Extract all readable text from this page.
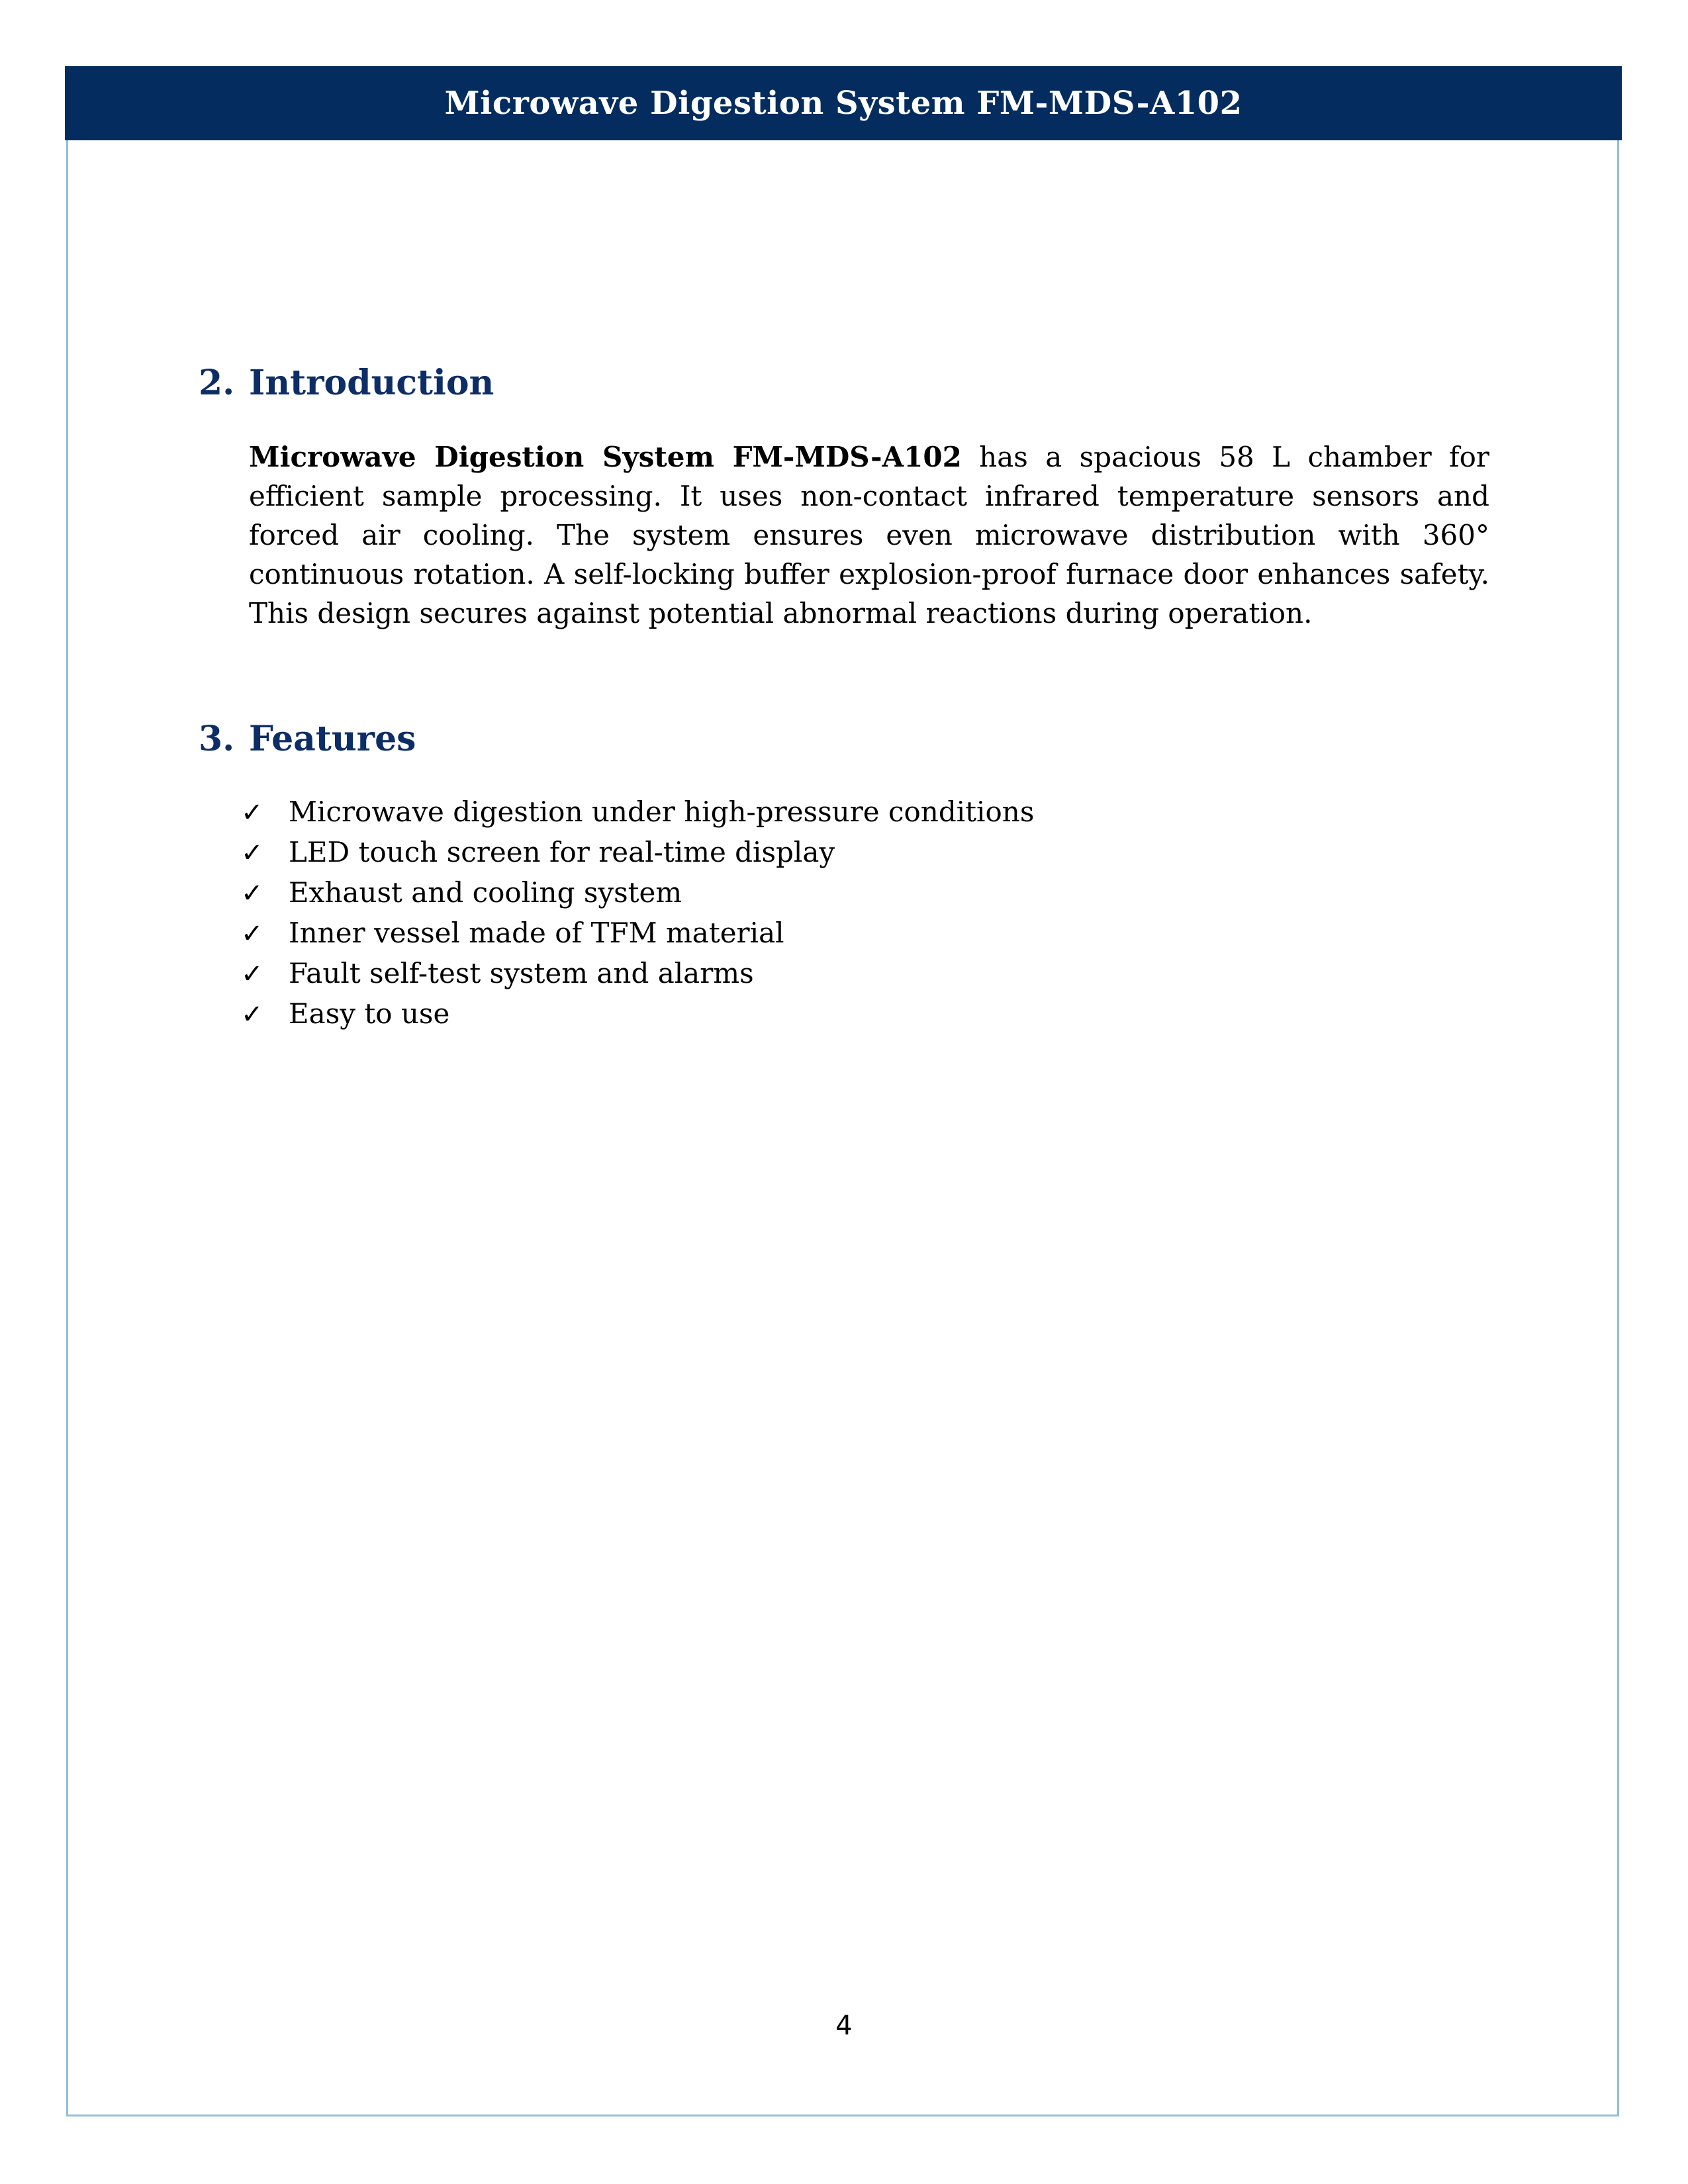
Microwave Digestion System FM-MDS-A102
2. Introduction

Microwave Digestion System FM-MDS-A102 has a spacious 58 L chamber for efficient sample processing. It uses non-contact infrared temperature sensors and forced air cooling. The system ensures even microwave distribution with 360° continuous rotation. A self-locking buffer explosion-proof furnace door enhances safety. This design secures against potential abnormal reactions during operation.

3. Features
✓ Microwave digestion under high-pressure conditions
✓ LED touch screen for real-time display
✓ Exhaust and cooling system
✓ Inner vessel made of TFM material
✓ Fault self-test system and alarms
✓ Easy to use
4
